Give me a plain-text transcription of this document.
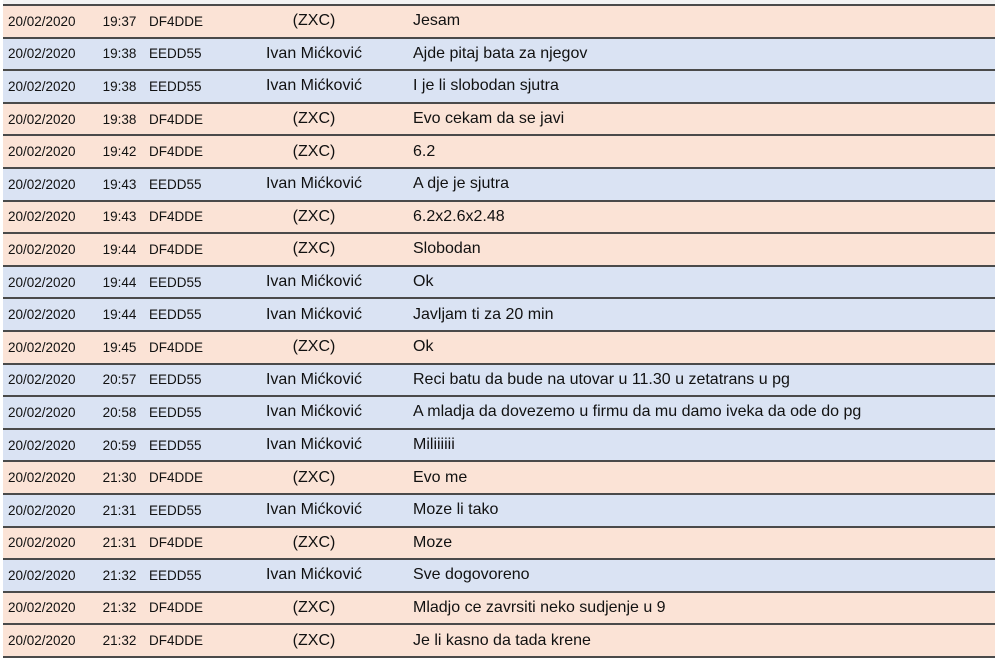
20/02/2020	19:37	DF4DDE	(ZXC)	Jesam
20/02/2020	19:38	EEDD55	Ivan Mićković	Ajde pitaj bata za njegov
20/02/2020	19:38	EEDD55	Ivan Mićković	I je li slobodan sjutra
20/02/2020	19:38	DF4DDE	(ZXC)	Evo cekam da se javi
20/02/2020	19:42	DF4DDE	(ZXC)	6.2
20/02/2020	19:43	EEDD55	Ivan Mićković	A dje je sjutra
20/02/2020	19:43	DF4DDE	(ZXC)	6.2x2.6x2.48
20/02/2020	19:44	DF4DDE	(ZXC)	Slobodan
20/02/2020	19:44	EEDD55	Ivan Mićković	Ok
20/02/2020	19:44	EEDD55	Ivan Mićković	Javljam ti za 20 min
20/02/2020	19:45	DF4DDE	(ZXC)	Ok
20/02/2020	20:57	EEDD55	Ivan Mićković	Reci batu da bude na utovar u 11.30 u zetatrans u pg
20/02/2020	20:58	EEDD55	Ivan Mićković	A mladja da dovezemo u firmu da mu damo iveka da ode do pg
20/02/2020	20:59	EEDD55	Ivan Mićković	Miliiiiii
20/02/2020	21:30	DF4DDE	(ZXC)	Evo me
20/02/2020	21:31	EEDD55	Ivan Mićković	Moze li tako
20/02/2020	21:31	DF4DDE	(ZXC)	Moze
20/02/2020	21:32	EEDD55	Ivan Mićković	Sve dogovoreno
20/02/2020	21:32	DF4DDE	(ZXC)	Mladjo ce zavrsiti neko sudjenje u 9
20/02/2020	21:32	DF4DDE	(ZXC)	Je li kasno da tada krene
